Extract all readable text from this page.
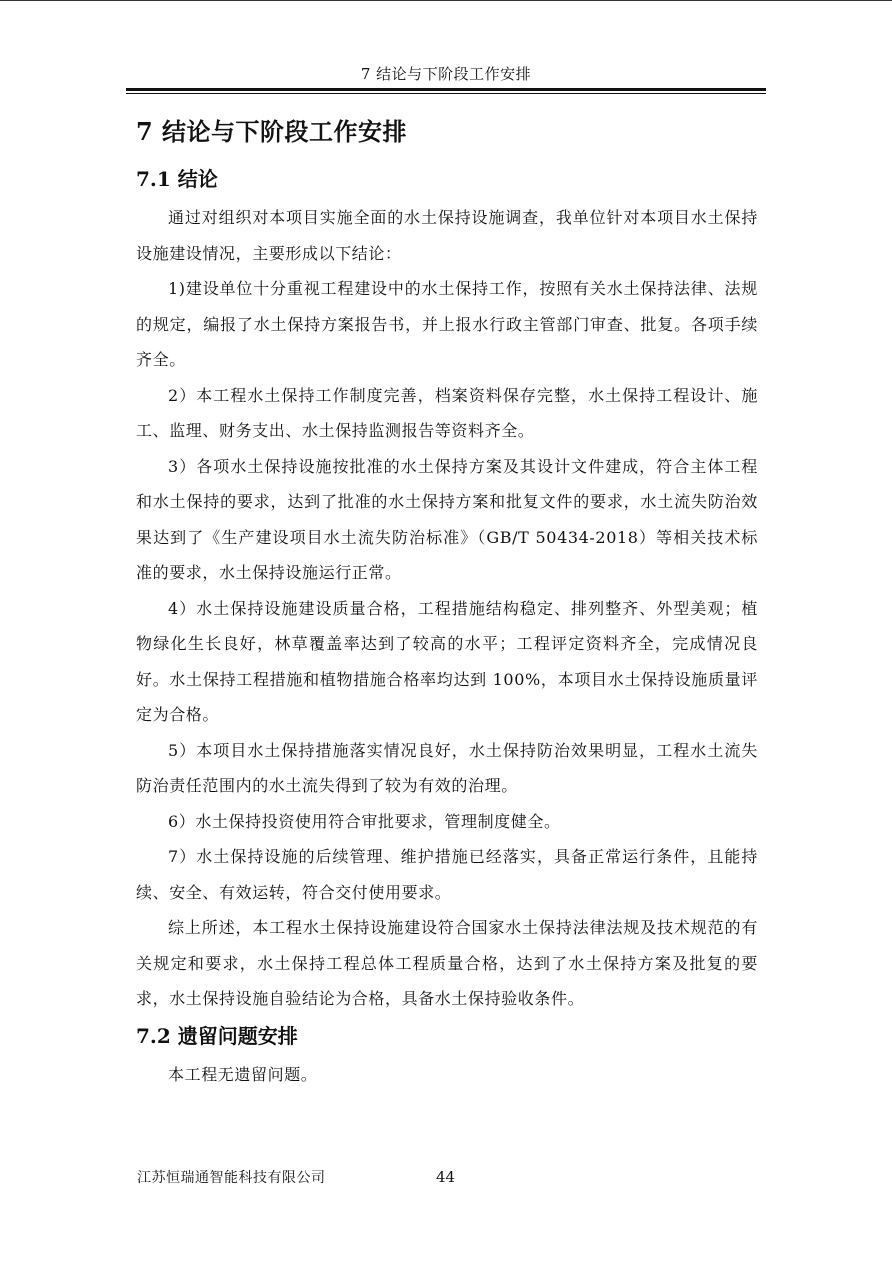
7 结论与下阶段工作安排
7 结论与下阶段工作安排
7.1 结论

通过对组织对本项目实施全面的水土保持设施调查，我单位针对本项目水土保持设施建设情况，主要形成以下结论：

1)建设单位十分重视工程建设中的水土保持工作，按照有关水土保持法律、法规的规定，编报了水土保持方案报告书，并上报水行政主管部门审查、批复。各项手续齐全。

2）本工程水土保持工作制度完善，档案资料保存完整，水土保持工程设计、施工、监理、财务支出、水土保持监测报告等资料齐全。

3）各项水土保持设施按批准的水土保持方案及其设计文件建成，符合主体工程和水土保持的要求，达到了批准的水土保持方案和批复文件的要求，水土流失防治效果达到了《生产建设项目水土流失防治标准》（GB/T 50434-2018）等相关技术标准的要求，水土保持设施运行正常。

4）水土保持设施建设质量合格，工程措施结构稳定、排列整齐、外型美观；植物绿化生长良好，林草覆盖率达到了较高的水平；工程评定资料齐全，完成情况良好。水土保持工程措施和植物措施合格率均达到 100%，本项目水土保持设施质量评定为合格。

5）本项目水土保持措施落实情况良好，水土保持防治效果明显，工程水土流失防治责任范围内的水土流失得到了较为有效的治理。

6）水土保持投资使用符合审批要求，管理制度健全。

7）水土保持设施的后续管理、维护措施已经落实，具备正常运行条件，且能持续、安全、有效运转，符合交付使用要求。

综上所述，本工程水土保持设施建设符合国家水土保持法律法规及技术规范的有关规定和要求，水土保持工程总体工程质量合格，达到了水土保持方案及批复的要求，水土保持设施自验结论为合格，具备水土保持验收条件。

7.2 遗留问题安排

本工程无遗留问题。

江苏恒瑞通智能科技有限公司	44
